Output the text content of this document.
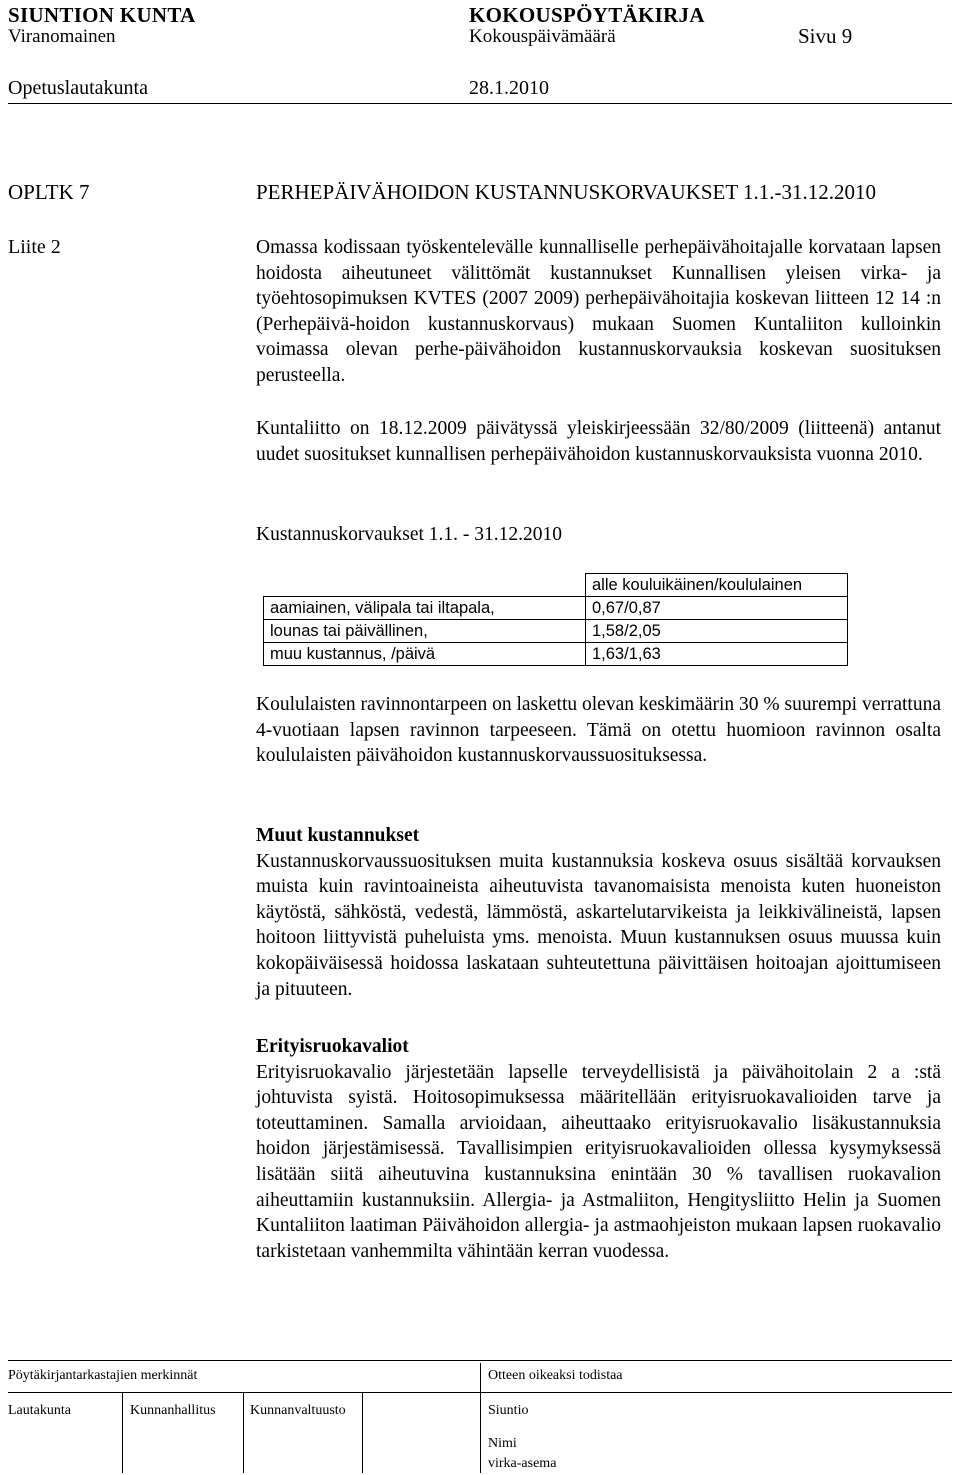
SIUNTION KUNTA	KOKOUSPÖYTÄKIRJA
Viranomainen	Kokouspäivämäärä	Sivu 9
Opetuslautakunta	28.1.2010
OPLTK 7	PERHEPÄIVÄHOIDON KUSTANNUSKORVAUKSET 1.1.-31.12.2010
Liite 2	Omassa kodissaan työskentelevälle kunnalliselle perhepäivähoitajalle korvataan lapsen hoidosta aiheutuneet välittömät kustannukset Kunnallisen yleisen virka- ja työehtosopimuksen KVTES (2007 2009) perhepäivähoitajia koskevan liitteen 12 14 :n (Perhepäivä-hoidon kustannuskorvaus) mukaan Suomen Kuntaliiton kulloinkin voimassa olevan perhe-päivähoidon kustannuskorvauksia koskevan suosituksen perusteella.

Kuntaliitto on 18.12.2009 päivätyssä yleiskirjeessään 32/80/2009 (liitteenä) antanut uudet suositukset kunnallisen perhepäivähoidon kustannuskorvauksista vuonna 2010.

Kustannuskorvaukset 1.1. - 31.12.2010

	alle kouluikäinen/koululainen
aamiainen, välipala tai iltapala,	0,67/0,87
lounas tai päivällinen,	1,58/2,05
muu kustannus, /päivä	1,63/1,63

Koululaisten ravinnontarpeen on laskettu olevan keskimäärin 30 % suurempi verrattuna 4-vuotiaan lapsen ravinnon tarpeeseen. Tämä on otettu huomioon ravinnon osalta koululaisten päivähoidon kustannuskorvaussuosituksessa.

Muut kustannukset

Kustannuskorvaussuosituksen muita kustannuksia koskeva osuus sisältää korvauksen muista kuin ravintoaineista aiheutuvista tavanomaisista menoista kuten huoneiston käytöstä, sähköstä, vedestä, lämmöstä, askartelutarvikeista ja leikkivälineistä, lapsen hoitoon liittyvistä puheluista yms. menoista. Muun kustannuksen osuus muussa kuin kokopäiväisessä hoidossa laskataan suhteutettuna päivittäisen hoitoajan ajoittumiseen ja pituuteen.

Erityisruokavaliot

Erityisruokavalio järjestetään lapselle terveydellisistä ja päivähoitolain 2 a :stä johtuvista syistä. Hoitosopimuksessa määritellään erityisruokavalioiden tarve ja toteuttaminen. Samalla arvioidaan, aiheuttaako erityisruokavalio lisäkustannuksia hoidon järjestämisessä. Tavallisimpien erityisruokavalioiden ollessa kysymyksessä lisätään siitä aiheutuvina kustannuksina enintään 30 % tavallisen ruokavalion aiheuttamiin kustannuksiin. Allergia- ja Astmaliiton, Hengitysliitto Helin ja Suomen Kuntaliiton laatiman Päivähoidon allergia- ja astmaohjeiston mukaan lapsen ruokavalio tarkistetaan vanhemmilta vähintään kerran vuodessa.

Pöytäkirjantarkastajien merkinnät	Otteen oikeaksi todistaa
Lautakunta	Kunnanhallitus Kunnanvaltuusto	Siuntio
Nimi
virka-asema
